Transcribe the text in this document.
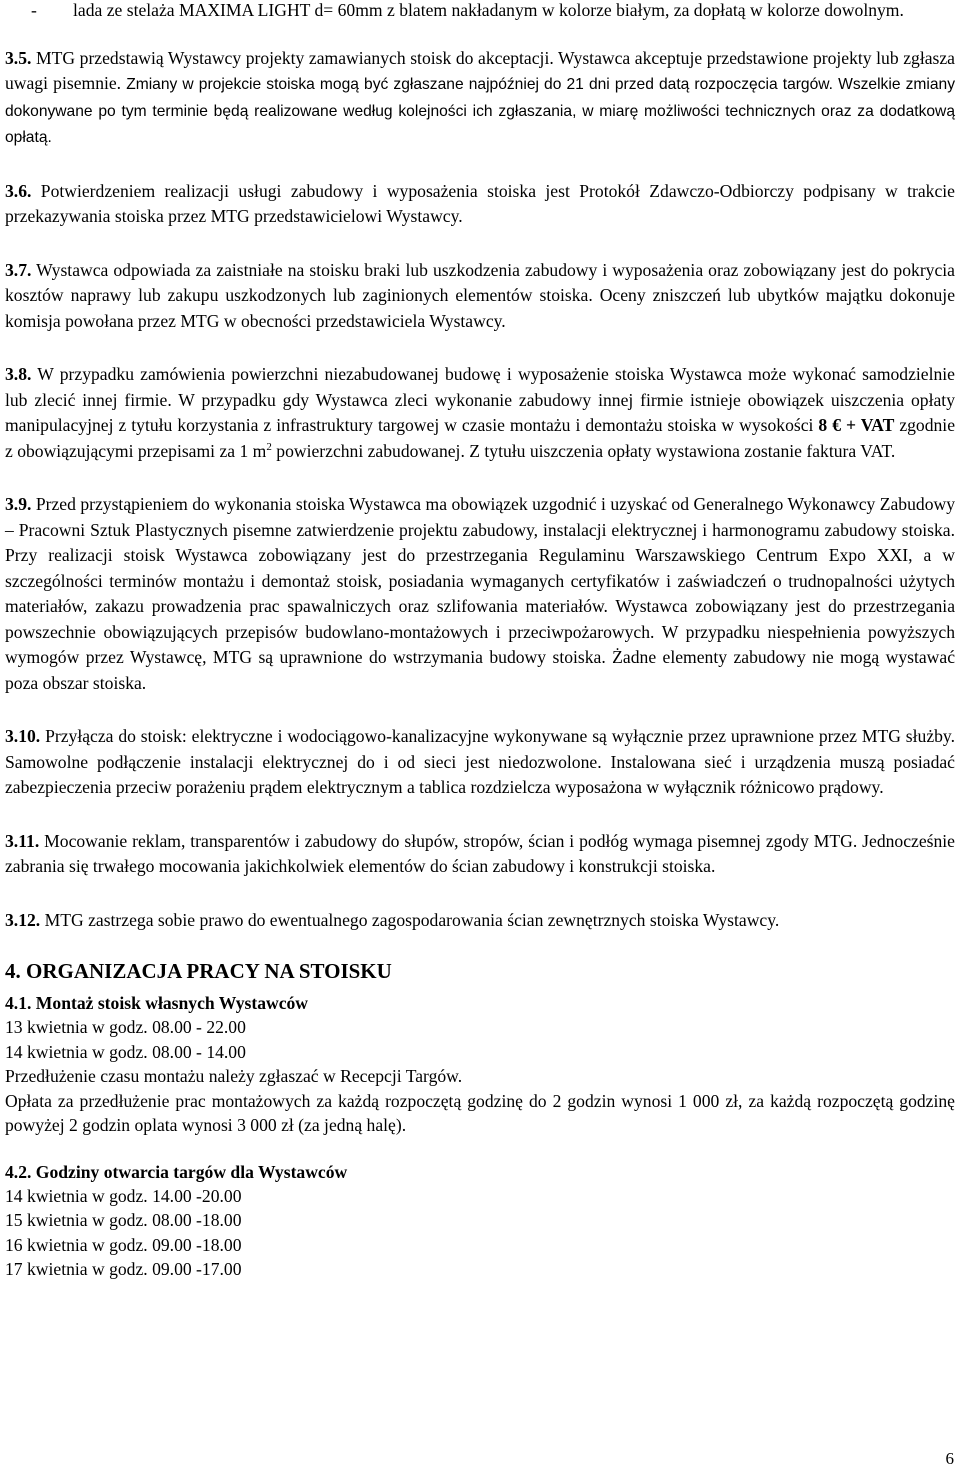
- lada ze stelaża MAXIMA LIGHT d= 60mm z blatem nakładanym w kolorze białym, za dopłatą w kolorze dowolnym.

3.5. MTG przedstawią Wystawcy projekty zamawianych stoisk do akceptacji. Wystawca akceptuje przedstawione projekty lub zgłasza uwagi pisemnie. Zmiany w projekcie stoiska mogą być zgłaszane najpóźniej do 21 dni przed datą rozpoczęcia targów. Wszelkie zmiany dokonywane po tym terminie będą realizowane według kolejności ich zgłaszania, w miarę możliwości technicznych oraz za dodatkową opłatą.

3.6. Potwierdzeniem realizacji usługi zabudowy i wyposażenia stoiska jest Protokół Zdawczo-Odbiorczy podpisany w trakcie przekazywania stoiska przez MTG przedstawicielowi Wystawcy.

3.7. Wystawca odpowiada za zaistniałe na stoisku braki lub uszkodzenia zabudowy i wyposażenia oraz zobowiązany jest do pokrycia kosztów naprawy lub zakupu uszkodzonych lub zaginionych elementów stoiska. Oceny zniszczeń lub ubytków majątku dokonuje komisja powołana przez MTG w obecności przedstawiciela Wystawcy.

3.8. W przypadku zamówienia powierzchni niezabudowanej budowę i wyposażenie stoiska Wystawca może wykonać samodzielnie lub zlecić innej firmie. W przypadku gdy Wystawca zleci wykonanie zabudowy innej firmie istnieje obowiązek uiszczenia opłaty manipulacyjnej z tytułu korzystania z infrastruktury targowej w czasie montażu i demontażu stoiska w wysokości 8 € + VAT zgodnie z obowiązującymi przepisami za 1 $m^2$ powierzchni zabudowanej. Z tytułu uiszczenia opłaty wystawiona zostanie faktura VAT.

3.9. Przed przystąpieniem do wykonania stoiska Wystawca ma obowiązek uzgodnić i uzyskać od Generalnego Wykonawcy Zabudowy – Pracowni Sztuk Plastycznych pisemne zatwierdzenie projektu zabudowy, instalacji elektrycznej i harmonogramu zabudowy stoiska. Przy realizacji stoisk Wystawca zobowiązany jest do przestrzegania Regulaminu Warszawskiego Centrum Expo XXI, a w szczególności terminów montażu i demontaż stoisk, posiadania wymaganych certyfikatów i zaświadczeń o trudnopalności użytych materiałów, zakazu prowadzenia prac spawalniczych oraz szlifowania materiałów. Wystawca zobowiązany jest do przestrzegania powszechnie obowiązujących przepisów budowlano-montażowych i przeciwpożarowych. W przypadku niespełnienia powyższych wymogów przez Wystawcę, MTG są uprawnione do wstrzymania budowy stoiska. Żadne elementy zabudowy nie mogą wystawać poza obszar stoiska.

3.10. Przyłącza do stoisk: elektryczne i wodociągowo-kanalizacyjne wykonywane są wyłącznie przez uprawnione przez MTG służby. Samowolne podłączenie instalacji elektrycznej do i od sieci jest niedozwolone. Instalowana sieć i urządzenia muszą posiadać zabezpieczenia przeciw porażeniu prądem elektrycznym a tablica rozdzielcza wyposażona w wyłącznik różnicowo prądowy.

3.11. Mocowanie reklam, transparentów i zabudowy do słupów, stropów, ścian i podłóg wymaga pisemnej zgody MTG. Jednocześnie zabrania się trwałego mocowania jakichkolwiek elementów do ścian zabudowy i konstrukcji stoiska.

3.12. MTG zastrzega sobie prawo do ewentualnego zagospodarowania ścian zewnętrznych stoiska Wystawcy.

4. ORGANIZACJA PRACY NA STOISKU
4.1. Montaż stoisk własnych Wystawców

13 kwietnia w godz. 08.00 - 22.00

14 kwietnia w godz. 08.00 - 14.00

Przedłużenie czasu montażu należy zgłaszać w Recepcji Targów.

Opłata za przedłużenie prac montażowych za każdą rozpoczętą godzinę do 2 godzin wynosi 1 000 zł, za każdą rozpoczętą godzinę powyżej 2 godzin oplata wynosi 3 000 zł (za jedną halę).

4.2. Godziny otwarcia targów dla Wystawców

14 kwietnia w godz. 14.00 -20.00

15 kwietnia w godz. 08.00 -18.00

16 kwietnia w godz. 09.00 -18.00

17 kwietnia w godz. 09.00 -17.00

6
